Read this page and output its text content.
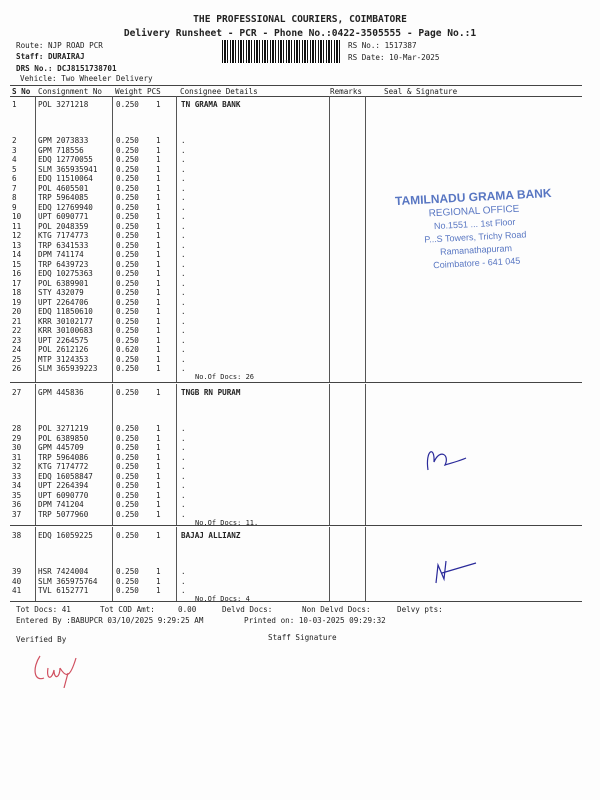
THE PROFESSIONAL COURIERS, COIMBATORE
Delivery Runsheet - PCR - Phone No.:0422-3505555 - Page No.:1
Route: NJP ROAD PCR
Staff: DURAIRAJ
DRS No.: DCJ8151738701
Vehicle: Two Wheeler Delivery
RS No.: 1517387
RS Date: 10-Mar-2025
S No Consignment No Weight PCS	Consignee Details	Remarks	Seal & Signature
1	POL 3271218	0.250 1	TN GRAMA BANK
2	GPM 2073833	0.250 1	.
3	GPM 718556	0.250 1	.
4	EDQ 12770055	0.250 1	.
5	SLM 365935941 0.250 1	.
6	EDQ 11510064	0.250 1	.
7	POL 4605501	0.250 1	.
8	TRP 5964085	0.250 1	.
9	EDQ 12769940	0.250 1	.
10 UPT 6090771	0.250 1	.
11 POL 2048359	0.250 1	.
12 KTG 7174773	0.250 1	.
13 TRP 6341533	0.250 1	.
14 DPM 741174	0.250 1	.
15 TRP 6439723	0.250 1	.
16 EDQ 10275363	0.250 1	.
17 POL 6389901	0.250 1	.
18 STY 432079	0.250 1	.
19 UPT 2264706	0.250 1	.
20 EDQ 11850610	0.250 1	.
21 KRR 30102177	0.250 1	.
22 KRR 30100683	0.250 1	.
23 UPT 2264575	0.250 1	.
24 POL 2612126	0.620 1	.
25 MTP 3124353	0.250 1	.
26 SLM 365939223 0.250 1	.
No.Of Docs: 26
27 GPM 445836	0.250 1	TNGB RN PURAM
28 POL 3271219	0.250 1	.
29 POL 6389850	0.250 1	.
30 GPM 445709	0.250 1	.
31 TRP 5964086	0.250 1	.
32 KTG 7174772	0.250 1	.
33 EDQ 16058847	0.250 1	.
34 UPT 2264394	0.250 1	.
35 UPT 6090770	0.250 1	.
36 DPM 741204	0.250 1	.
37 TRP 5077960	0.250 1	.
No.Of Docs: 11.
38 EDQ 16059225	0.250 1	BAJAJ ALLIANZ
39 HSR 7424004	0.250 1	.
40 SLM 365975764 0.250 1	.
41 TVL 6152771	0.250 1	.
No.Of Docs: 4
TAMILNADU GRAMA BANK
REGIONAL OFFICE
No.1551 ... 1st Floor
P...S Towers, Trichy Road
Ramanathapuram
Coimbatore - 641 045
Tot Docs: 41	Tot COD Amt:	0.00	Delvd Docs:	Non Delvd Docs:	Delvy pts:
Entered By :BABUPCR 03/10/2025 9:29:25 AM	Printed on: 10-03-2025 09:29:32
Verified By	Staff Signature
